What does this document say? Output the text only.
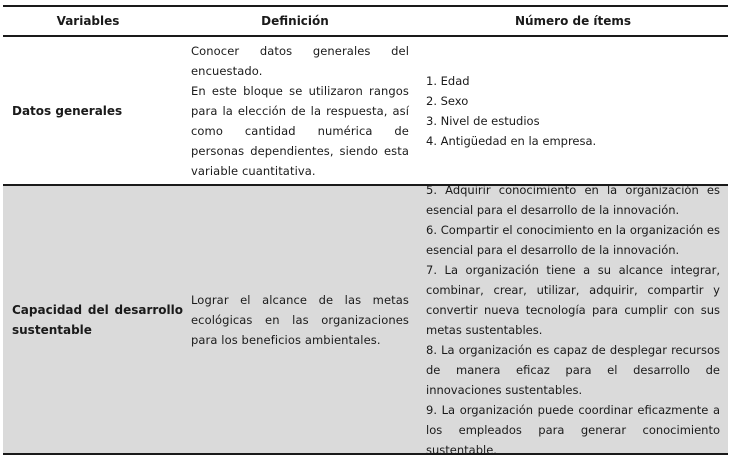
Variables	Definición	Número de ítems
Datos generales
Conocer datos generales del encuestado.
En este bloque se utilizaron rangos para la elección de la respuesta, así como cantidad numérica de personas dependientes, siendo esta variable cuantitativa.
1. Edad
2. Sexo
3. Nivel de estudios
4. Antigüedad en la empresa.
Capacidad del desarrollo sustentable
Lograr el alcance de las metas ecológicas en las organizaciones para los beneficios ambientales.
5. Adquirir conocimiento en la organización es esencial para el desarrollo de la innovación.
6. Compartir el conocimiento en la organización es esencial para el desarrollo de la innovación.
7. La organización tiene a su alcance integrar, combinar, crear, utilizar, adquirir, compartir y convertir nueva tecnología para cumplir con sus metas sustentables.
8. La organización es capaz de desplegar recursos de manera eficaz para el desarrollo de innovaciones sustentables.
9. La organización puede coordinar eficazmente a los empleados para generar conocimiento sustentable.
